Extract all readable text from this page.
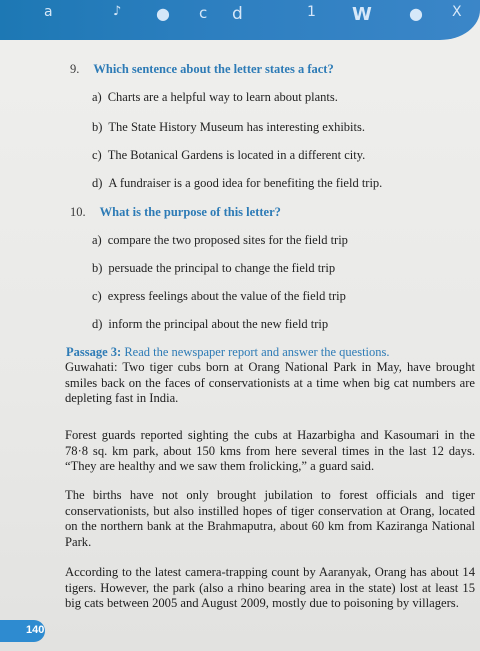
a	♪ ● c d	1 W ● X
9. Which sentence about the letter states a fact?
a) Charts are a helpful way to learn about plants.
b) The State History Museum has interesting exhibits.
c) The Botanical Gardens is located in a different city.
d) A fundraiser is a good idea for benefiting the field trip.
10. What is the purpose of this letter?
a) compare the two proposed sites for the field trip
b) persuade the principal to change the field trip
c) express feelings about the value of the field trip
d) inform the principal about the new field trip
Passage 3: Read the newspaper report and answer the questions.

Guwahati: Two tiger cubs born at Orang National Park in May, have brought smiles back on the faces of conservationists at a time when big cat numbers are depleting fast in India.

Forest guards reported sighting the cubs at Hazarbigha and Kasoumari in the 78·8 sq. km park, about 150 kms from here several times in the last 12 days. “They are healthy and we saw them frolicking,” a guard said.

The births have not only brought jubilation to forest officials and tiger conservationists, but also instilled hopes of tiger conservation at Orang, located on the northern bank at the Brahmaputra, about 60 km from Kaziranga National Park.

According to the latest camera-trapping count by Aaranyak, Orang has about 14 tigers. However, the park (also a rhino bearing area in the state) lost at least 15 big cats between 2005 and August 2009, mostly due to poisoning by villagers.

140
